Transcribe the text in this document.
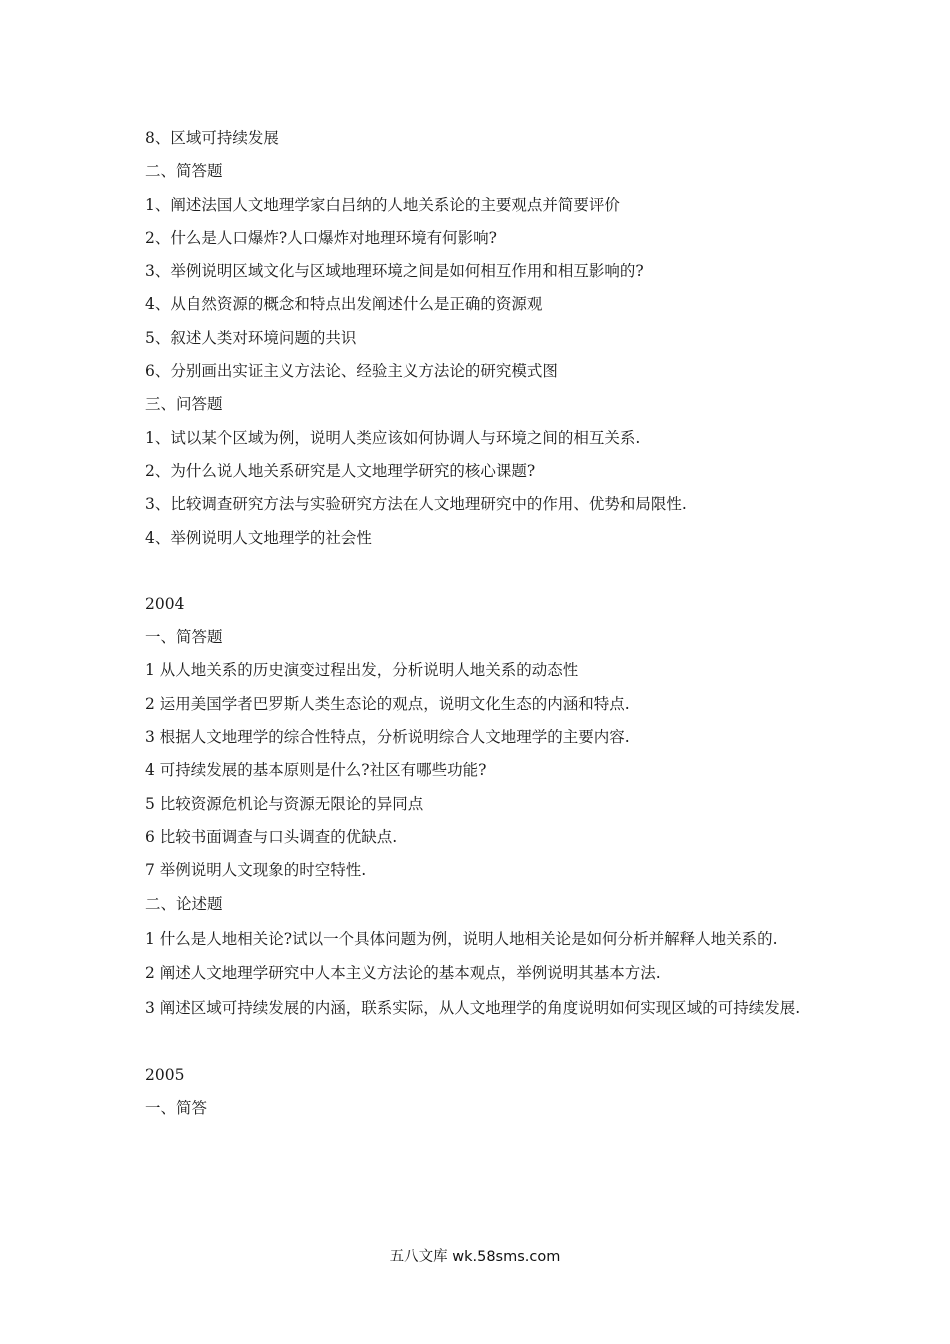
8、区域可持续发展
二、简答题
1、阐述法国人文地理学家白吕纳的人地关系论的主要观点并简要评价
2、什么是人口爆炸?人口爆炸对地理环境有何影响?
3、举例说明区域文化与区域地理环境之间是如何相互作用和相互影响的?
4、从自然资源的概念和特点出发阐述什么是正确的资源观
5、叙述人类对环境问题的共识
6、分别画出实证主义方法论、经验主义方法论的研究模式图
三、问答题
1、试以某个区域为例，说明人类应该如何协调人与环境之间的相互关系.
2、为什么说人地关系研究是人文地理学研究的核心课题?
3、比较调查研究方法与实验研究方法在人文地理研究中的作用、优势和局限性.
4、举例说明人文地理学的社会性
2004
一、简答题
1 从人地关系的历史演变过程出发，分析说明人地关系的动态性
2 运用美国学者巴罗斯人类生态论的观点，说明文化生态的内涵和特点.
3 根据人文地理学的综合性特点，分析说明综合人文地理学的主要内容.
4 可持续发展的基本原则是什么?社区有哪些功能?
5 比较资源危机论与资源无限论的异同点
6 比较书面调查与口头调查的优缺点.
7 举例说明人文现象的时空特性.
二、论述题
1 什么是人地相关论?试以一个具体问题为例，说明人地相关论是如何分析并解释人地关系的.
2 阐述人文地理学研究中人本主义方法论的基本观点，举例说明其基本方法.
3 阐述区域可持续发展的内涵，联系实际，从人文地理学的角度说明如何实现区域的可持续发展.
2005
一、简答
五八文库 wk.58sms.com
